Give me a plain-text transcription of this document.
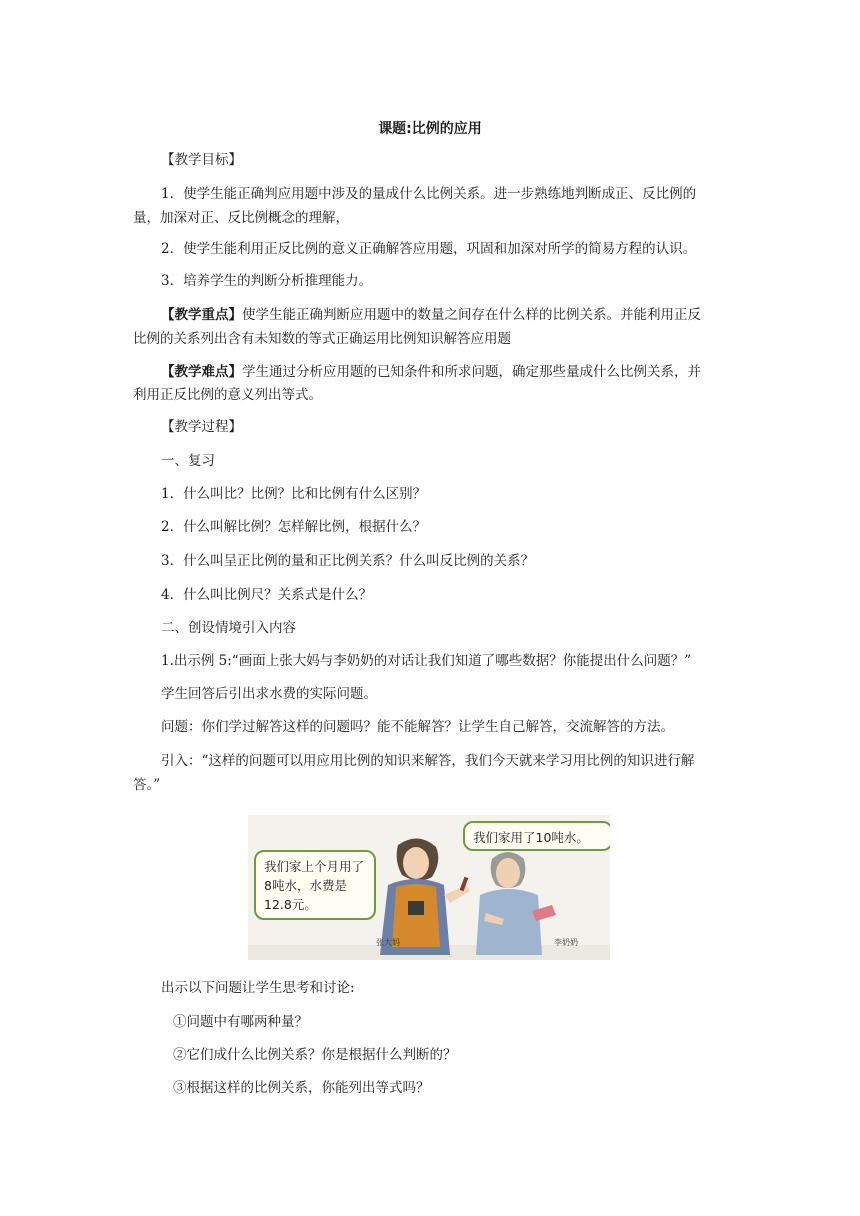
课题:比例的应用
【教学目标】
1．使学生能正确判应用题中涉及的量成什么比例关系。进一步熟练地判断成正、反比例的
量，加深对正、反比例概念的理解，
2．使学生能利用正反比例的意义正确解答应用题，巩固和加深对所学的简易方程的认识。
3．培养学生的判断分析推理能力。
【教学重点】使学生能正确判断应用题中的数量之间存在什么样的比例关系。并能利用正反
比例的关系列出含有未知数的等式正确运用比例知识解答应用题
【教学难点】学生通过分析应用题的已知条件和所求问题，确定那些量成什么比例关系，并
利用正反比例的意义列出等式。
【教学过程】
一、复习
1．什么叫比？比例？比和比例有什么区别？
2．什么叫解比例？怎样解比例，根据什么？
3．什么叫呈正比例的量和正比例关系？什么叫反比例的关系？
4．什么叫比例尺？关系式是什么？
二、创设情境引入内容
1.出示例 5:“画面上张大妈与李奶奶的对话让我们知道了哪些数据？你能提出什么问题？”
学生回答后引出求水费的实际问题。
问题：你们学过解答这样的问题吗？能不能解答？让学生自己解答，交流解答的方法。
引入：“这样的问题可以用应用比例的知识来解答，我们今天就来学习用比例的知识进行解
答。”
我们家上个月用了8吨水，水费是12.8元。
我们家用了10吨水。
张大妈	李奶奶
出示以下问题让学生思考和讨论:
①问题中有哪两种量？
②它们成什么比例关系？你是根据什么判断的？
③根据这样的比例关系，你能列出等式吗？
